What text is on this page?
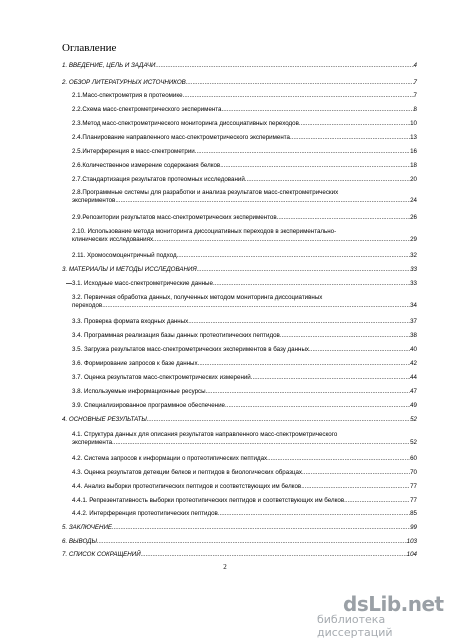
Оглавление
1. ВВЕДЕНИЕ, ЦЕЛЬ И ЗАДАЧИ .....	4
2. ОБЗОР ЛИТЕРАТУРНЫХ ИСТОЧНИКОВ .....	7
2.1.Масс-спектрометрия в протеомике .....	7
2.2.Схема масс-спектрометрического эксперимента .....	8
2.3.Метод масс-спектрометрического мониторинга диссоциативных переходов .....	10
2.4.Планирование направленного масс-спектрометрического эксперимента .....	13
2.5.Интерференция в масс-спектрометрии .....	16
2.6.Количественное измерение содержания белков .....	18
2.7.Стандартизация результатов протеомных исследований .....	20
2.8.Программные системы для разработки и анализа результатов масс-спектрометрических
экспериментов .....	24
2.9.Репозитории результатов масс-спектрометрических экспериментов .....	26
2.10. Использование метода мониторинга диссоциативных переходов в экспериментально-
клинических исследованиях .....	29
2.11. Хромосомоцентричный подход .....	32
3. МАТЕРИАЛЫ И МЕТОДЫ ИССЛЕДОВАНИЯ .....	33
3.1. Исходные масс-спектрометрические данные .....	33
3.2. Первичная обработка данных, полученных методом мониторинга диссоциативных
переходов .....	34
3.3. Проверка формата входных данных .....	37
3.4. Программная реализация базы данных протеотипических пептидов .....	38
3.5. Загрузка результатов масс-спектрометрических экспериментов в базу данных .....	40
3.6. Формирование запросов к базе данных .....	42
3.7. Оценка результатов масс-спектрометрических измерений .....	44
3.8. Используемые информационные ресурсы .....	47
3.9. Специализированное программное обеспечение .....	49
4. ОСНОВНЫЕ РЕЗУЛЬТАТЫ .....	52
4.1. Структура данных для описания результатов направленного масс-спектрометрического
эксперимента .....	52
4.2. Система запросов к информации о протеотипических пептидах .....	60
4.3. Оценка результатов детекции белков и пептидов в биологических образцах .....	70
4.4. Анализ выборки протеотипических пептидов и соответствующих им белков .....	77
4.4.1. Репрезентативность выборки протеотипических пептидов и соответствующих им белков .....	77
4.4.2. Интерференция протеотипических пептидов .....	85
5. ЗАКЛЮЧЕНИЕ .....	99
6. ВЫВОДЫ .....	103
7. СПИСОК СОКРАЩЕНИЙ .....	104
2
dsLib.net
библиотека диссертаций
